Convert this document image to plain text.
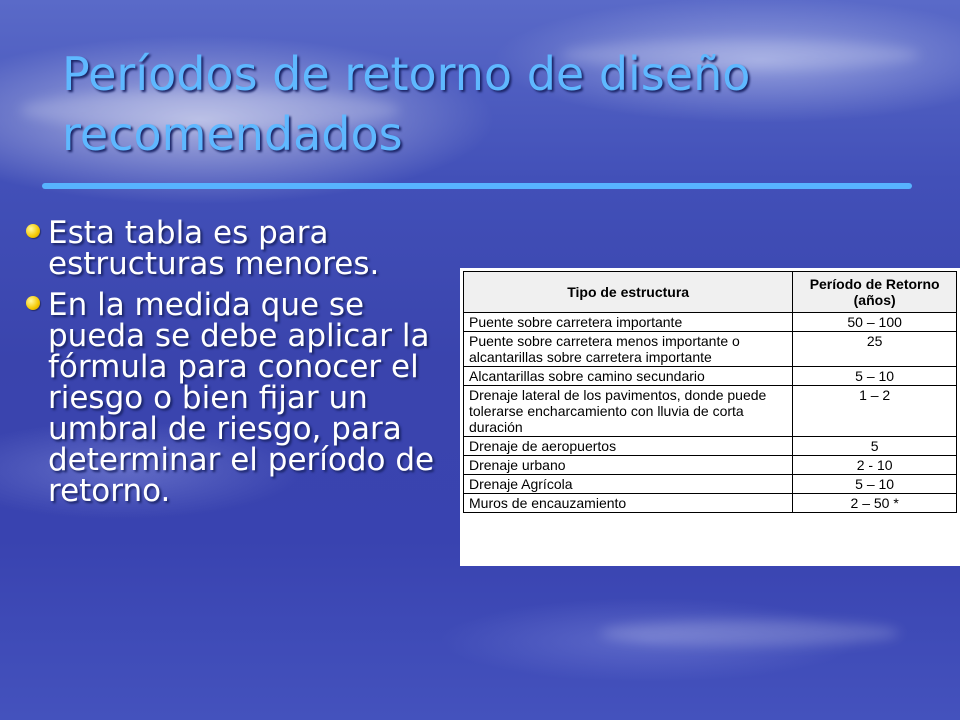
Períodos de retorno de diseño recomendados
Esta tabla es para estructuras menores.
En la medida que se pueda se debe aplicar la fórmula para conocer el riesgo o bien fijar un umbral de riesgo, para determinar el período de retorno.
Tipo de estructura	Período de Retorno (años)
Puente sobre carretera importante	50 – 100
Puente sobre carretera menos importante o alcantarillas sobre carretera importante	25
Alcantarillas sobre camino secundario	5 – 10
Drenaje lateral de los pavimentos, donde puede tolerarse encharcamiento con lluvia de corta duración	1 – 2
Drenaje de aeropuertos	5
Drenaje urbano	2 - 10
Drenaje Agrícola	5 – 10
Muros de encauzamiento	2 – 50 *
